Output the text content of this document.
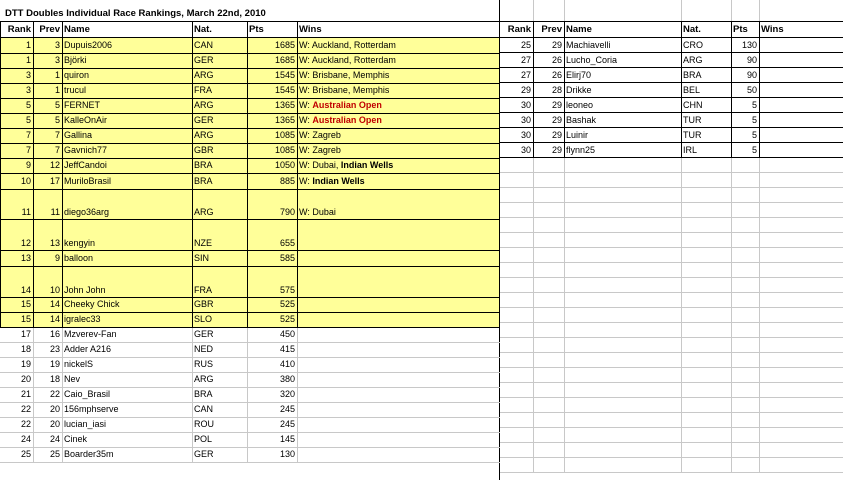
DTT Doubles Individual Race Rankings, March 22nd, 2010
Rank Prev Name	Nat.	Pts	Wins	Rank	Prev Name	Nat.	Pts	Wins
1	3 Dupuis2006	CAN	1685 W: Auckland, Rotterdam
1	3 Björki	GER	1685 W: Auckland, Rotterdam
3	1 quiron	ARG	1545 W: Brisbane, Memphis
3	1 trucul	FRA	1545 W: Brisbane, Memphis
5	5 FERNET	ARG	1365 W: Australian Open
5	5 KalleOnAir	GER	1365 W: Australian Open
7	7 Gallina	ARG	1085 W: Zagreb
7	7 Gavnich77	GBR	1085 W: Zagreb
9	12 JeffCandoi	BRA	1050 W: Dubai, Indian Wells
10	17 MuriloBrasil	BRA	885 W: Indian Wells
11	11 diego36arg	ARG	790 W: Dubai
12	13 kengyin	NZE	655
13	9 balloon	SIN	585
14	10 John John	FRA	575
15	14 Cheeky Chick	GBR	525
15	14 igralec33	SLO	525
17	16 Mzverev-Fan	GER	450
18	23 Adder A216	NED	415
19	19 nickelS	RUS	410
20	18 Nev	ARG	380
21	22 Caio_Brasil	BRA	320
22	20 156mphserve	CAN	245
22	20 lucian_iasi	ROU	245
24	24 Cinek	POL	145
25	25 Boarder35m	GER	130
25	29 Machiavelli	CRO	130
27	26 Lucho_Coria	ARG	90
27	26 Elirj70	BRA	90
29	28 Drikke	BEL	50
30	29 leoneo	CHN	5
30	29 Bashak	TUR	5
30	29 Luinir	TUR	5
30	29 flynn25	IRL	5
